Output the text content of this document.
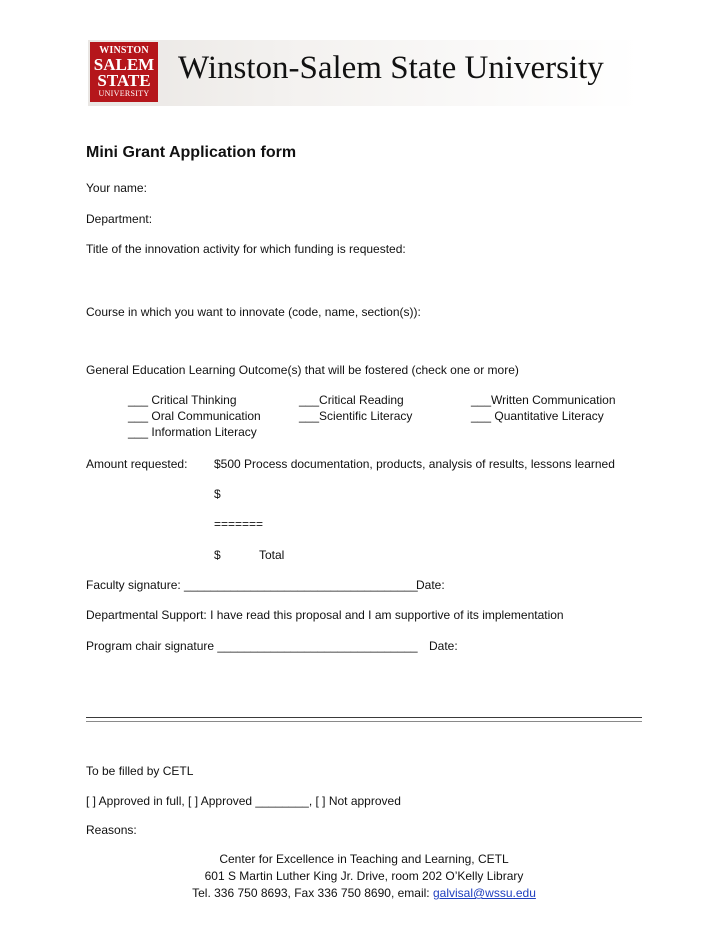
WINSTON
SALEM
STATE
UNIVERSITY
Winston-Salem State University
Mini Grant Application form
Your name:
Department:
Title of the innovation activity for which funding is requested:
Course in which you want to innovate (code, name, section(s)):
General Education Learning Outcome(s) that will be fostered (check one or more)
___ Critical Thinking	___Critical Reading	___Written Communication
___ Oral Communication	___Scientific Literacy	___ Quantitative Literacy
___ Information Literacy
Amount requested: $500 Process documentation, products, analysis of results, lessons learned
$
=======
$	Total
Faculty signature: ___________________________________
Date:
Departmental Support: I have read this proposal and I am supportive of its implementation
Program chair signature ______________________________ Date:
To be filled by CETL
[ ] Approved in full, [ ] Approved ________, [ ] Not approved
Reasons:
Center for Excellence in Teaching and Learning, CETL
601 S Martin Luther King Jr. Drive, room 202 O’Kelly Library
Tel. 336 750 8693, Fax 336 750 8690, email: galvisal@wssu.edu
